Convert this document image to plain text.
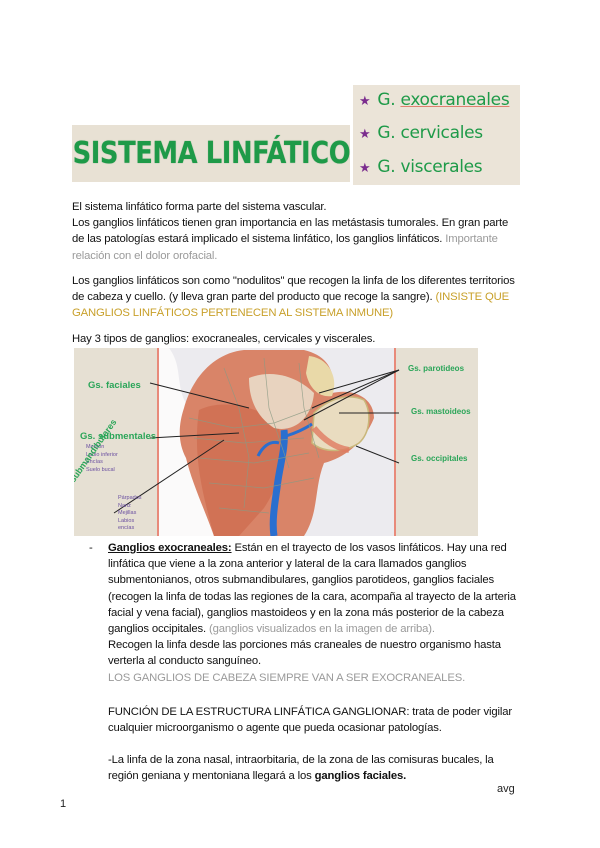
SISTEMA LINFÁTICO
★ G. exocraneales
★ G. cervicales
★ G. viscerales
El sistema linfático forma parte del sistema vascular.
Los ganglios linfáticos tienen gran importancia en las metástasis tumorales. En gran parte
de las patologías estará implicado el sistema linfático, los ganglios linfáticos. Importante
relación con el dolor orofacial.
Los ganglios linfáticos son como "nodulitos" que recogen la linfa de los diferentes territorios
de cabeza y cuello. (y lleva gran parte del producto que recoge la sangre). (INSISTE QUE
GANGLIOS LINFÁTICOS PERTENECEN AL SISTEMA INMUNE)
Hay 3 tipos de ganglios: exocraneales, cervicales y viscerales.
Gs. faciales
Gs. submentales
Mentón
Labio inferior
Encías
Suelo bucal
Párpados
Nariz
Mejillas
Labios
encías
Gs. parotideos
Gs. mastoideos
Gs. occipitales
- Ganglios exocraneales: Están en el trayecto de los vasos linfáticos. Hay una red
linfática que viene a la zona anterior y lateral de la cara llamados ganglios
submentonianos, otros submandibulares, ganglios parotideos, ganglios faciales
(recogen la linfa de todas las regiones de la cara, acompaña al trayecto de la arteria
facial y vena facial), ganglios mastoideos y en la zona más posterior de la cabeza
ganglios occipitales. (ganglios visualizados en la imagen de arriba).
Recogen la linfa desde las porciones más craneales de nuestro organismo hasta
verterla al conducto sanguíneo.
LOS GANGLIOS DE CABEZA SIEMPRE VAN A SER EXOCRANEALES.
FUNCIÓN DE LA ESTRUCTURA LINFÁTICA GANGLIONAR: trata de poder vigilar
cualquier microorganismo o agente que pueda ocasionar patologías.
-La linfa de la zona nasal, intraorbitaria, de la zona de las comisuras bucales, la
región geniana y mentoniana llegará a los ganglios faciales.
avg
1
